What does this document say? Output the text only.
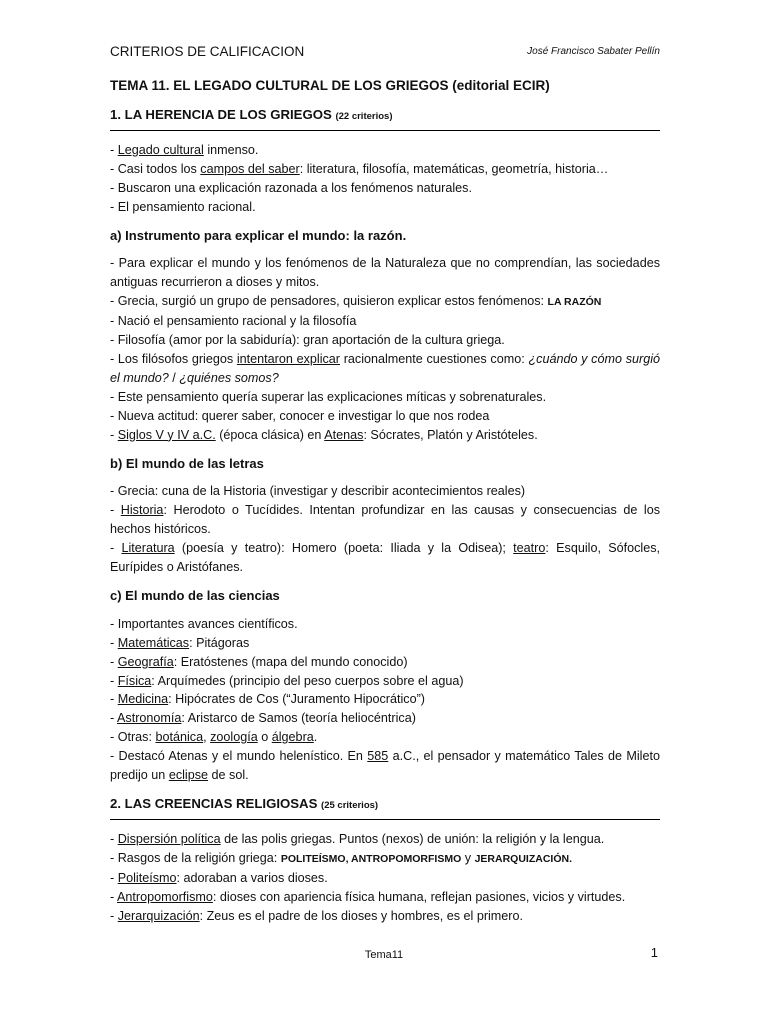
CRITERIOS DE CALIFICACION	José Francisco Sabater Pellín
TEMA 11. EL LEGADO CULTURAL DE LOS GRIEGOS (editorial ECIR)
1. LA HERENCIA DE LOS GRIEGOS (22 criterios)

- Legado cultural inmenso.

- Casi todos los campos del saber: literatura, filosofía, matemáticas, geometría, historia…

- Buscaron una explicación razonada a los fenómenos naturales.

- El pensamiento racional.

a) Instrumento para explicar el mundo: la razón.

- Para explicar el mundo y los fenómenos de la Naturaleza que no comprendían, las sociedades antiguas recurrieron a dioses y mitos.

- Grecia, surgió un grupo de pensadores, quisieron explicar estos fenómenos: LA RAZÓN

- Nació el pensamiento racional y la filosofía

- Filosofía (amor por la sabiduría): gran aportación de la cultura griega.

- Los filósofos griegos intentaron explicar racionalmente cuestiones como: ¿cuándo y cómo surgió el mundo? / ¿quiénes somos?

- Este pensamiento quería superar las explicaciones míticas y sobrenaturales.

- Nueva actitud: querer saber, conocer e investigar lo que nos rodea

- Siglos V y IV a.C. (época clásica) en Atenas: Sócrates, Platón y Aristóteles.

b) El mundo de las letras

- Grecia: cuna de la Historia (investigar y describir acontecimientos reales)

- Historia: Herodoto o Tucídides. Intentan profundizar en las causas y consecuencias de los hechos históricos.

- Literatura (poesía y teatro): Homero (poeta: Iliada y la Odisea); teatro: Esquilo, Sófocles, Eurípides o Aristófanes.

c) El mundo de las ciencias

- Importantes avances científicos.

- Matemáticas: Pitágoras

- Geografía: Eratóstenes (mapa del mundo conocido)

- Física: Arquímedes (principio del peso cuerpos sobre el agua)

- Medicina: Hipócrates de Cos (“Juramento Hipocrático”)

- Astronomía: Aristarco de Samos (teoría heliocéntrica)

- Otras: botánica, zoología o álgebra.

- Destacó Atenas y el mundo helenístico. En 585 a.C., el pensador y matemático Tales de Mileto predijo un eclipse de sol.

2. LAS CREENCIAS RELIGIOSAS (25 criterios)

- Dispersión política de las polis griegas. Puntos (nexos) de unión: la religión y la lengua.

- Rasgos de la religión griega: POLITEÍSMO, ANTROPOMORFISMO y JERARQUIZACIÓN.

- Politeísmo: adoraban a varios dioses.

- Antropomorfismo: dioses con apariencia física humana, reflejan pasiones, vicios y virtudes.

- Jerarquización: Zeus es el padre de los dioses y hombres, es el primero.

Tema11	1
